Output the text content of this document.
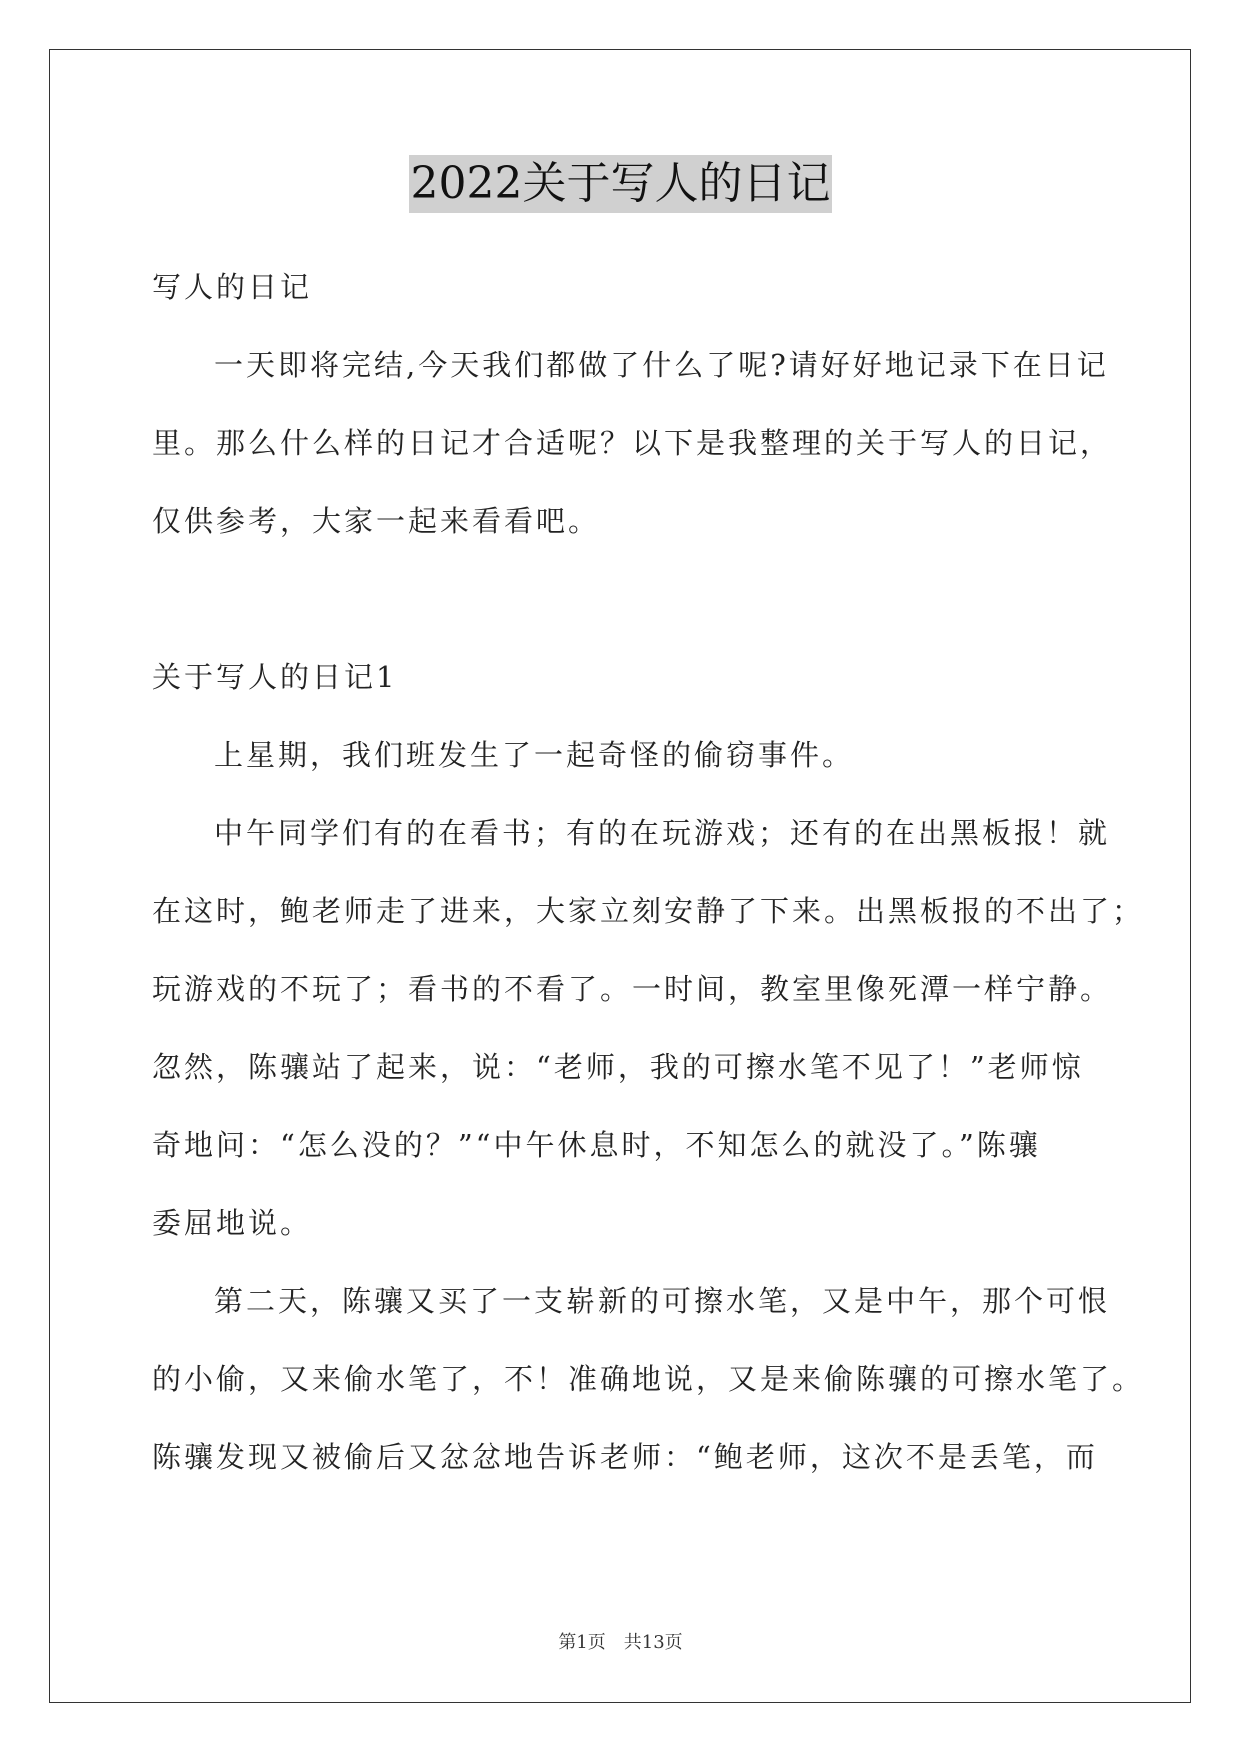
2022关于写人的日记
写人的日记
一天即将完结,今天我们都做了什么了呢?请好好地记录下在日记
里。那么什么样的日记才合适呢？以下是我整理的关于写人的日记，
仅供参考，大家一起来看看吧。
关于写人的日记1
上星期，我们班发生了一起奇怪的偷窃事件。
中午同学们有的在看书；有的在玩游戏；还有的在出黑板报！就
在这时，鲍老师走了进来，大家立刻安静了下来。出黑板报的不出了；
玩游戏的不玩了；看书的不看了。一时间，教室里像死潭一样宁静。
忽然，陈骧站了起来，说：“老师，我的可擦水笔不见了！”老师惊
奇地问：“怎么没的？”“中午休息时，不知怎么的就没了。”陈骧
委屈地说。
第二天，陈骧又买了一支崭新的可擦水笔，又是中午，那个可恨
的小偷，又来偷水笔了，不！准确地说，又是来偷陈骧的可擦水笔了。
陈骧发现又被偷后又忿忿地告诉老师：“鲍老师，这次不是丢笔，而
第1页　共13页
